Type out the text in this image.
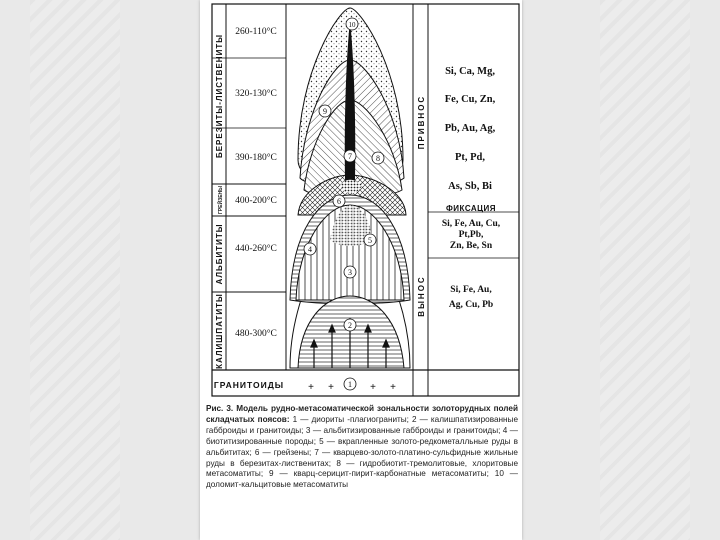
БЕРЕЗИТЫ-ЛИСТВЕНИТЫ
ГРЕЙЗЕНЫ
АЛЬБИТИТЫ
КАЛИШПАТИТЫ
ГРАНИТОИДЫ
260-110°C
320-130°C
390-180°C
400-200°C
440-260°C
480-300°C
+ +	+ +
1
2
3
4
5
6
7	8
9
10
ПРИВНОС
ВЫНОС
ФИКСАЦИЯ
Si, Ca, Mg,
Fe, Cu, Zn,
Pb, Au, Ag,
Pt, Pd,
As, Sb, Bi
Si, Fe, Au, Cu,
Pt,Pb,
Zn, Be, Sn
Si, Fe, Au,
Ag, Cu, Pb
Рис. 3. Модель рудно-метасоматической зональности золоторудных полей складчатых поясов: 1 — диориты -плагиограниты; 2 — калишпатизированные габброиды и гранитоиды; 3 — альбитизированные габброиды и гранитоиды; 4 — биотитизированные породы; 5 — вкрапленные золото-редкометалльные руды в альбититах; 6 — грейзены; 7 — кварцево-золото-платино-сульфидные жильные руды в березитах-лиственитах; 8 — гидробиотит-тремолитовые, хлоритовые метасоматиты; 9 — кварц-серицит-пирит-карбонатные метасоматиты; 10 — доломит-кальцитовые метасоматиты
